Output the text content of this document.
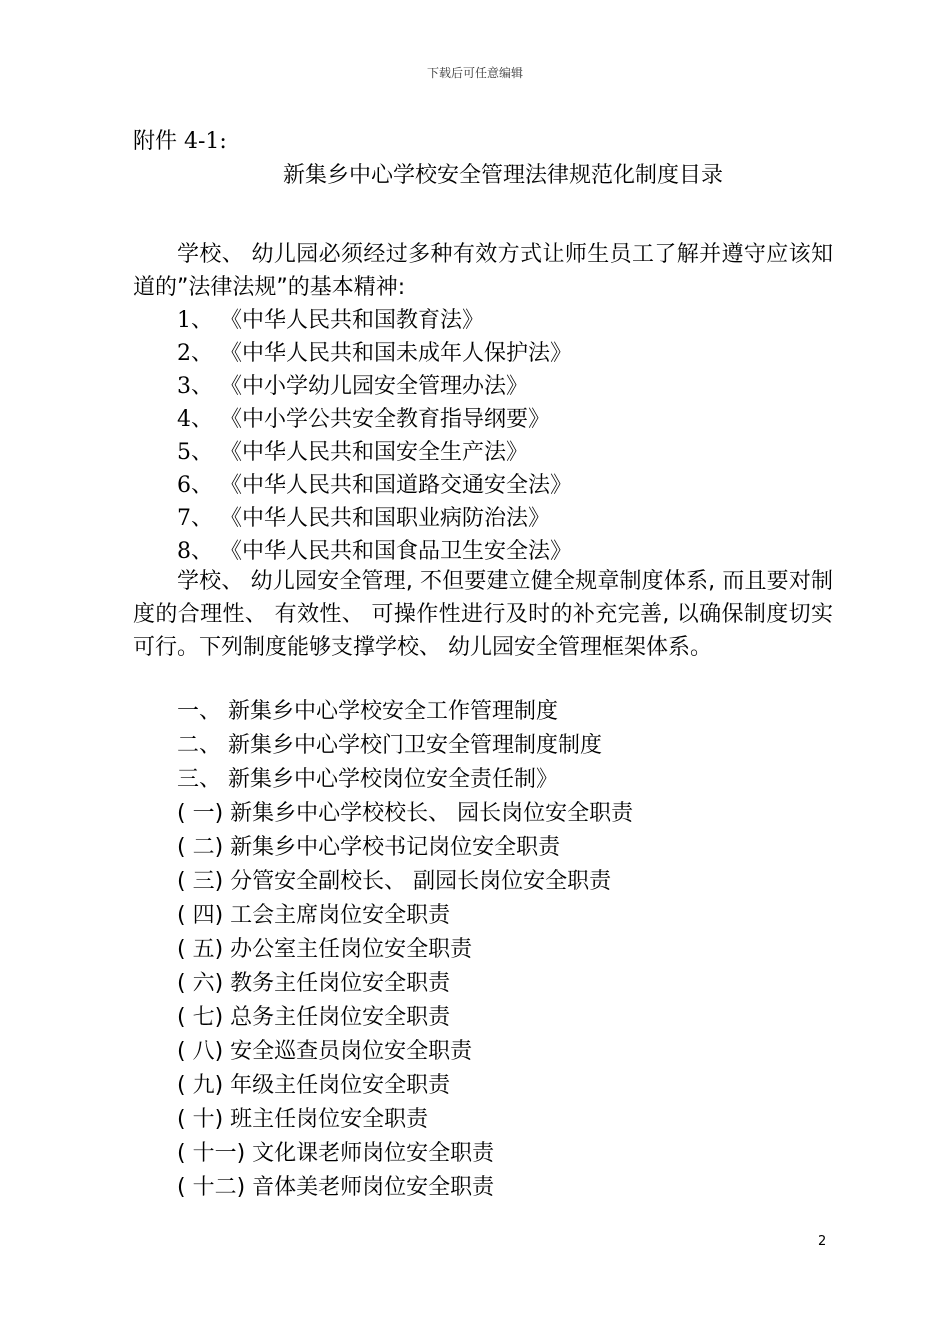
下载后可任意编辑
附件 4-1:
新集乡中心学校安全管理法律规范化制度目录
学校、 幼儿园必须经过多种有效方式让师生员工了解并遵守应该知道的”法律法规”的基本精神:
1、 《中华人民共和国教育法》
2、 《中华人民共和国未成年人保护法》
3、 《中小学幼儿园安全管理办法》
4、 《中小学公共安全教育指导纲要》
5、 《中华人民共和国安全生产法》
6、 《中华人民共和国道路交通安全法》
7、 《中华人民共和国职业病防治法》
8、 《中华人民共和国食品卫生安全法》
学校、 幼儿园安全管理, 不但要建立健全规章制度体系, 而且要对制度的合理性、 有效性、 可操作性进行及时的补充完善, 以确保制度切实可行。下列制度能够支撑学校、 幼儿园安全管理框架体系。
一、 新集乡中心学校安全工作管理制度
二、 新集乡中心学校门卫安全管理制度制度
三、 新集乡中心学校岗位安全责任制》
( 一) 新集乡中心学校校长、 园长岗位安全职责
( 二) 新集乡中心学校书记岗位安全职责
( 三) 分管安全副校长、 副园长岗位安全职责
( 四) 工会主席岗位安全职责
( 五) 办公室主任岗位安全职责
( 六) 教务主任岗位安全职责
( 七) 总务主任岗位安全职责
( 八) 安全巡查员岗位安全职责
( 九) 年级主任岗位安全职责
( 十) 班主任岗位安全职责
( 十一) 文化课老师岗位安全职责
( 十二) 音体美老师岗位安全职责
2
